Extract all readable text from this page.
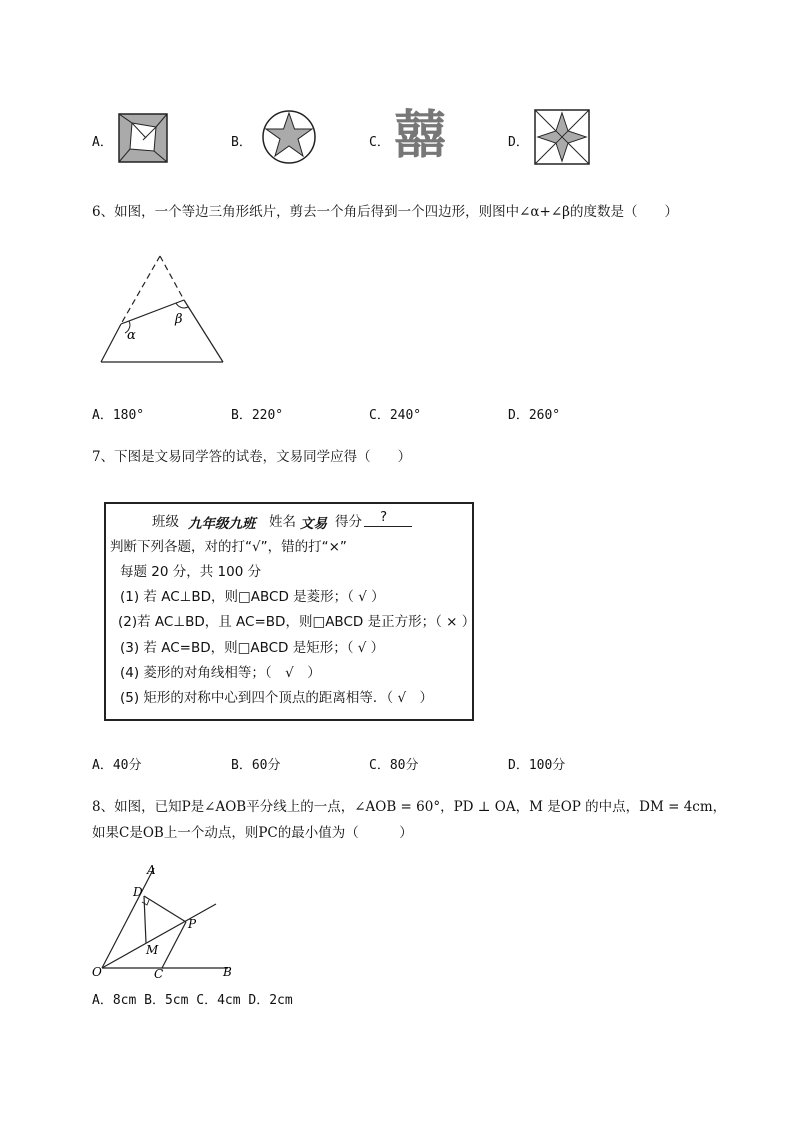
A．	B．	C． 囍	D．
6、如图，一个等边三角形纸片，剪去一个角后得到一个四边形，则图中∠α+∠β的度数是（　　）
α
β
A．180°	B．220°	C．240°	D．260°
7、下图是文易同学答的试卷，文易同学应得（　　）
班级 九年级九班 姓名 文易 得分 ?
判断下列各题，对的打“√”，错的打“×”
每题 20 分，共 100 分
(1) 若 AC⊥BD，则□ABCD 是菱形；（ √ ）
(2)若 AC⊥BD，且 AC=BD，则□ABCD 是正方形；（ × ）
(3) 若 AC=BD，则□ABCD 是矩形；（ √ ）
(4) 菱形的对角线相等；（　√　）
(5) 矩形的对称中心到四个顶点的距离相等．（ √　）
A．40分	B．60分	C．80分	D．100分
8、如图，已知P是∠AOB平分线上的一点，∠AOB = 60°，PD ⊥ OA，M 是OP 的中点，DM = 4cm，
如果C是OB上一个动点，则PC的最小值为（　　　）
A
D
P
M
O	C	B
A．8cm B．5cm C．4cm D．2cm
